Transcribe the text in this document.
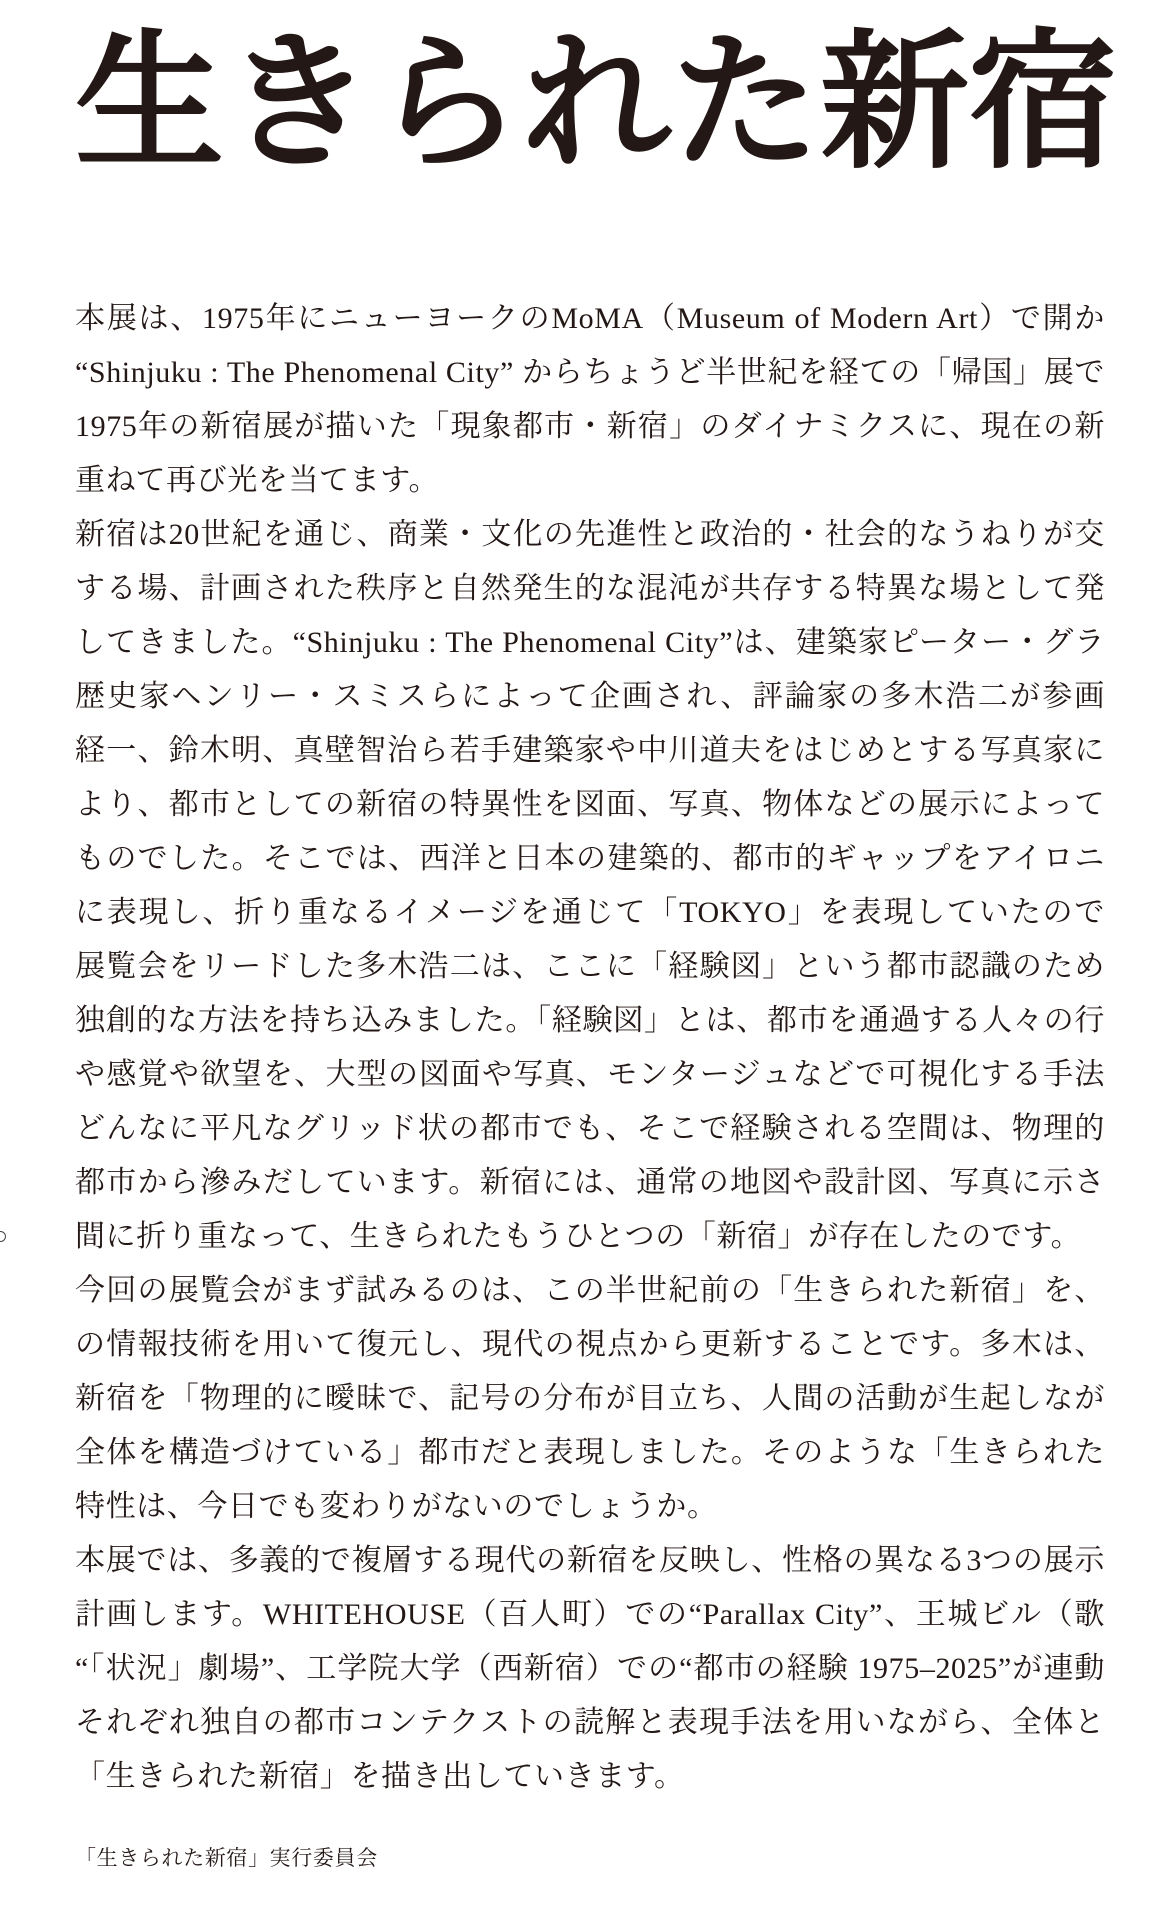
生きられた新宿
本展は、1975年にニューヨークのMoMA（Museum of Modern Art）で開か
“Shinjuku : The Phenomenal City” からちょうど半世紀を経ての「帰国」展で
1975年の新宿展が描いた「現象都市・新宿」のダイナミクスに、現在の新
重ねて再び光を当てます。
新宿は20世紀を通じ、商業・文化の先進性と政治的・社会的なうねりが交
する場、計画された秩序と自然発生的な混沌が共存する特異な場として発
してきました。“Shinjuku : The Phenomenal City”は、建築家ピーター・グラ
歴史家ヘンリー・スミスらによって企画され、評論家の多木浩二が参画
経一、鈴木明、真壁智治ら若手建築家や中川道夫をはじめとする写真家に
より、都市としての新宿の特異性を図面、写真、物体などの展示によって
ものでした。そこでは、西洋と日本の建築的、都市的ギャップをアイロニ
に表現し、折り重なるイメージを通じて「TOKYO」を表現していたので
展覧会をリードした多木浩二は、ここに「経験図」という都市認識のため
独創的な方法を持ち込みました。「経験図」とは、都市を通過する人々の行
や感覚や欲望を、大型の図面や写真、モンタージュなどで可視化する手法
どんなに平凡なグリッド状の都市でも、そこで経験される空間は、物理的
都市から滲みだしています。新宿には、通常の地図や設計図、写真に示さ
間に折り重なって、生きられたもうひとつの「新宿」が存在したのです。
今回の展覧会がまず試みるのは、この半世紀前の「生きられた新宿」を、
の情報技術を用いて復元し、現代の視点から更新することです。多木は、
新宿を「物理的に曖昧で、記号の分布が目立ち、人間の活動が生起しなが
全体を構造づけている」都市だと表現しました。そのような「生きられた
特性は、今日でも変わりがないのでしょうか。
本展では、多義的で複層する現代の新宿を反映し、性格の異なる3つの展示
計画します。WHITEHOUSE（百人町）での“Parallax City”、王城ビル（歌
“「状況」劇場”、工学院大学（西新宿）での“都市の経験 1975–2025”が連動
それぞれ独自の都市コンテクストの読解と表現手法を用いながら、全体と
「生きられた新宿」を描き出していきます。
「生きられた新宿」実行委員会
